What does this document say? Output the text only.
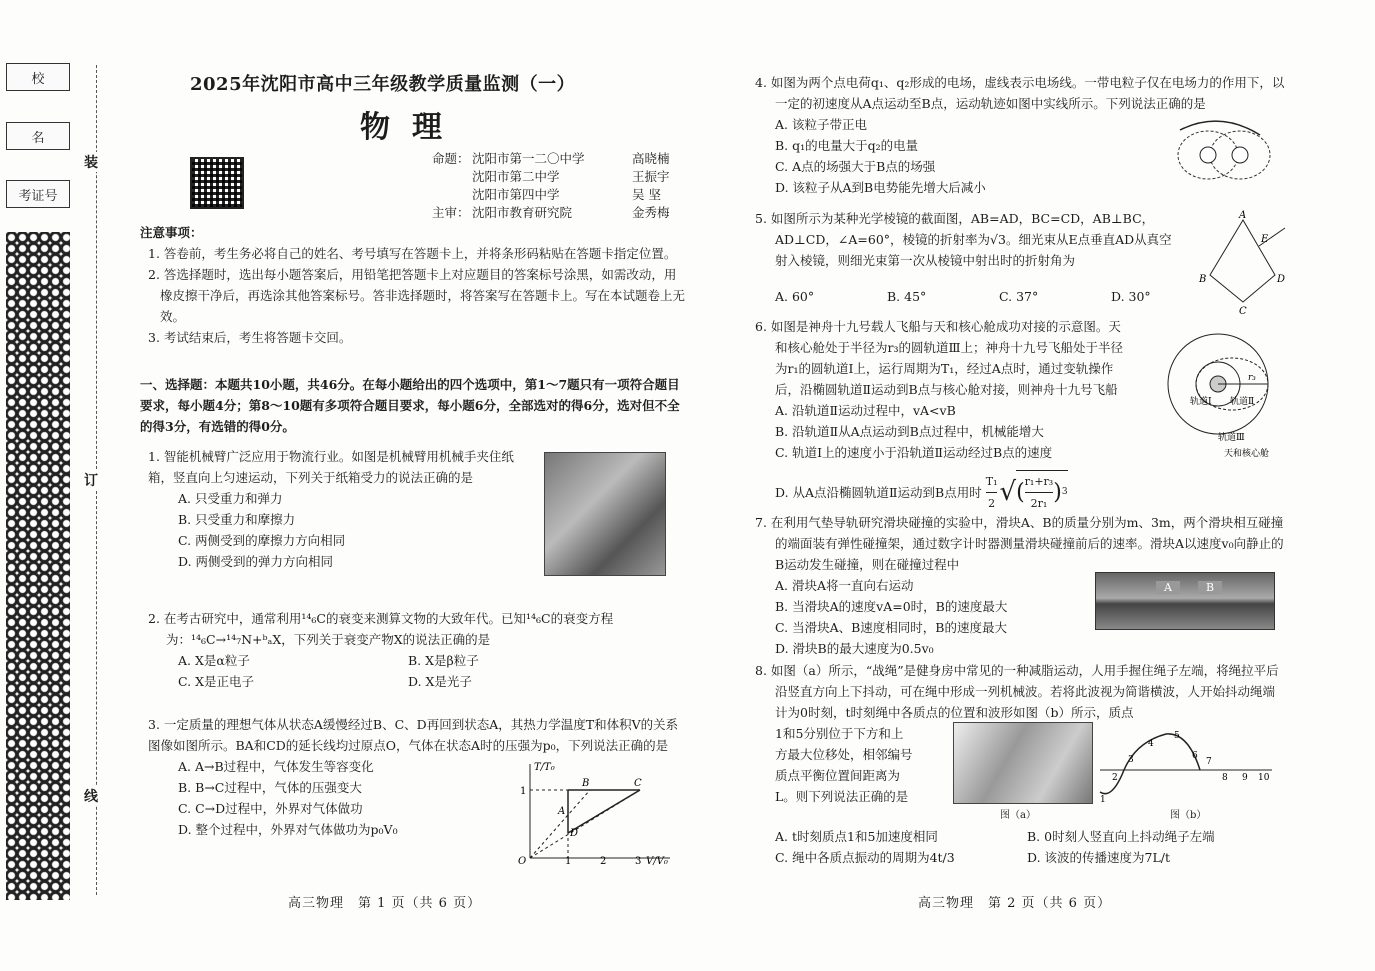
校
名
考证号
装
订
线
2025年沈阳市高中三年级教学质量监测（一）
物理
命题： 沈阳市第一二〇中学	高晓楠
沈阳市第二中学	王振宇
沈阳市第四中学	吴 坚
主审： 沈阳市教育研究院	金秀梅
注意事项：
1. 答卷前，考生务必将自己的姓名、考号填写在答题卡上，并将条形码粘贴在答题卡指定位置。
2. 答选择题时，选出每小题答案后，用铅笔把答题卡上对应题目的答案标号涂黑，如需改动，用橡皮擦干净后，再选涂其他答案标号。答非选择题时，将答案写在答题卡上。写在本试题卷上无效。
3. 考试结束后，考生将答题卡交回。
一、选择题：本题共10小题，共46分。在每小题给出的四个选项中，第1～7题只有一项符合题目要求，每小题4分；第8～10题有多项符合题目要求，每小题6分，全部选对的得6分，选对但不全的得3分，有选错的得0分。
1. 智能机械臂广泛应用于物流行业。如图是机械臂用机械手夹住纸箱，竖直向上匀速运动，下列关于纸箱受力的说法正确的是
A. 只受重力和弹力
B. 只受重力和摩擦力
C. 两侧受到的摩擦力方向相同
D. 两侧受到的弹力方向相同
2. 在考古研究中，通常利用¹⁴₆C的衰变来测算文物的大致年代。已知¹⁴₆C的衰变方程
为：¹⁴₆C→¹⁴₇N+ᵇₐX，下列关于衰变产物X的说法正确的是
A. X是α粒子	B. X是β粒子
C. X是正电子	D. X是光子
3. 一定质量的理想气体从状态A缓慢经过B、C、D再回到状态A，其热力学温度T和体积V的关系图像如图所示。BA和CD的延长线均过原点O，气体在状态A时的压强为p₀，下列说法正确的是
A. A→B过程中，气体发生等容变化
B. B→C过程中，气体的压强变大
C. C→D过程中，外界对气体做功
D. 整个过程中，外界对气体做功为p₀V₀
T/T₀
V/V₀
O
1
1	2	3
A
B	C
D
高三物理　第 1 页（共 6 页）
4. 如图为两个点电荷q₁、q₂形成的电场，虚线表示电场线。一带电粒子仅在电场力的作用下，以一定的初速度从A点运动至B点，运动轨迹如图中实线所示。下列说法正确的是
A. 该粒子带正电
B. q₁的电量大于q₂的电量
C. A点的场强大于B点的场强
D. 该粒子从A到B电势能先增大后减小
5. 如图所示为某种光学棱镜的截面图，AB=AD，BC=CD，AB⊥BC，AD⊥CD，∠A=60°，棱镜的折射率为√3。细光束从E点垂直AD从真空射入棱镜，则细光束第一次从棱镜中射出时的折射角为
A. 60°	B. 45°	C. 37°	D. 30°
A
E
B	D
C
6. 如图是神舟十九号载人飞船与天和核心舱成功对接的示意图。天和核心舱处于半径为r₃的圆轨道Ⅲ上；神舟十九号飞船处于半径为r₁的圆轨道Ⅰ上，运行周期为T₁，经过A点时，通过变轨操作后，沿椭圆轨道Ⅱ运动到B点与核心舱对接，则神舟十九号飞船
A. 沿轨道Ⅱ运动过程中，vA<vB
B. 沿轨道Ⅱ从A点运动到B点过程中，机械能增大
C. 轨道Ⅰ上的速度小于沿轨道Ⅱ运动经过B点的速度
D. 从A点沿椭圆轨道Ⅱ运动到B点用时 $\frac{\text{T₁}}{2}$ √ ( $\frac{\text{r₁+r₃}}{\text{2r₁}}$ ) 3
r₃
轨道Ⅰ 轨道Ⅱ
轨道Ⅲ
天和核心舱
7. 在利用气垫导轨研究滑块碰撞的实验中，滑块A、B的质量分别为m、3m，两个滑块相互碰撞的端面装有弹性碰撞架，通过数字计时器测量滑块碰撞前后的速率。滑块A以速度v₀向静止的B运动发生碰撞，则在碰撞过程中
A. 滑块A将一直向右运动
B. 当滑块A的速度vA=0时，B的速度最大
C. 当滑块A、B速度相同时，B的速度最大
D. 滑块B的最大速度为0.5v₀
A	B
8. 如图（a）所示，“战绳”是健身房中常见的一种减脂运动，人用手握住绳子左端，将绳拉平后沿竖直方向上下抖动，可在绳中形成一列机械波。若将此波视为简谐横波，人开始抖动绳端计为0时刻，t时刻绳中各质点的位置和波形如图（b）所示，质点
1和5分别位于下方和上方最大位移处，相邻编号质点平衡位置间距离为L。则下列说法正确的是
图（a）
1
2
3
4
5
6
7
8 9 10
图（b）
A. t时刻质点1和5加速度相同	B. 0时刻人竖直向上抖动绳子左端
C. 绳中各质点振动的周期为4t/3	D. 该波的传播速度为7L/t
高三物理　第 2 页（共 6 页）
